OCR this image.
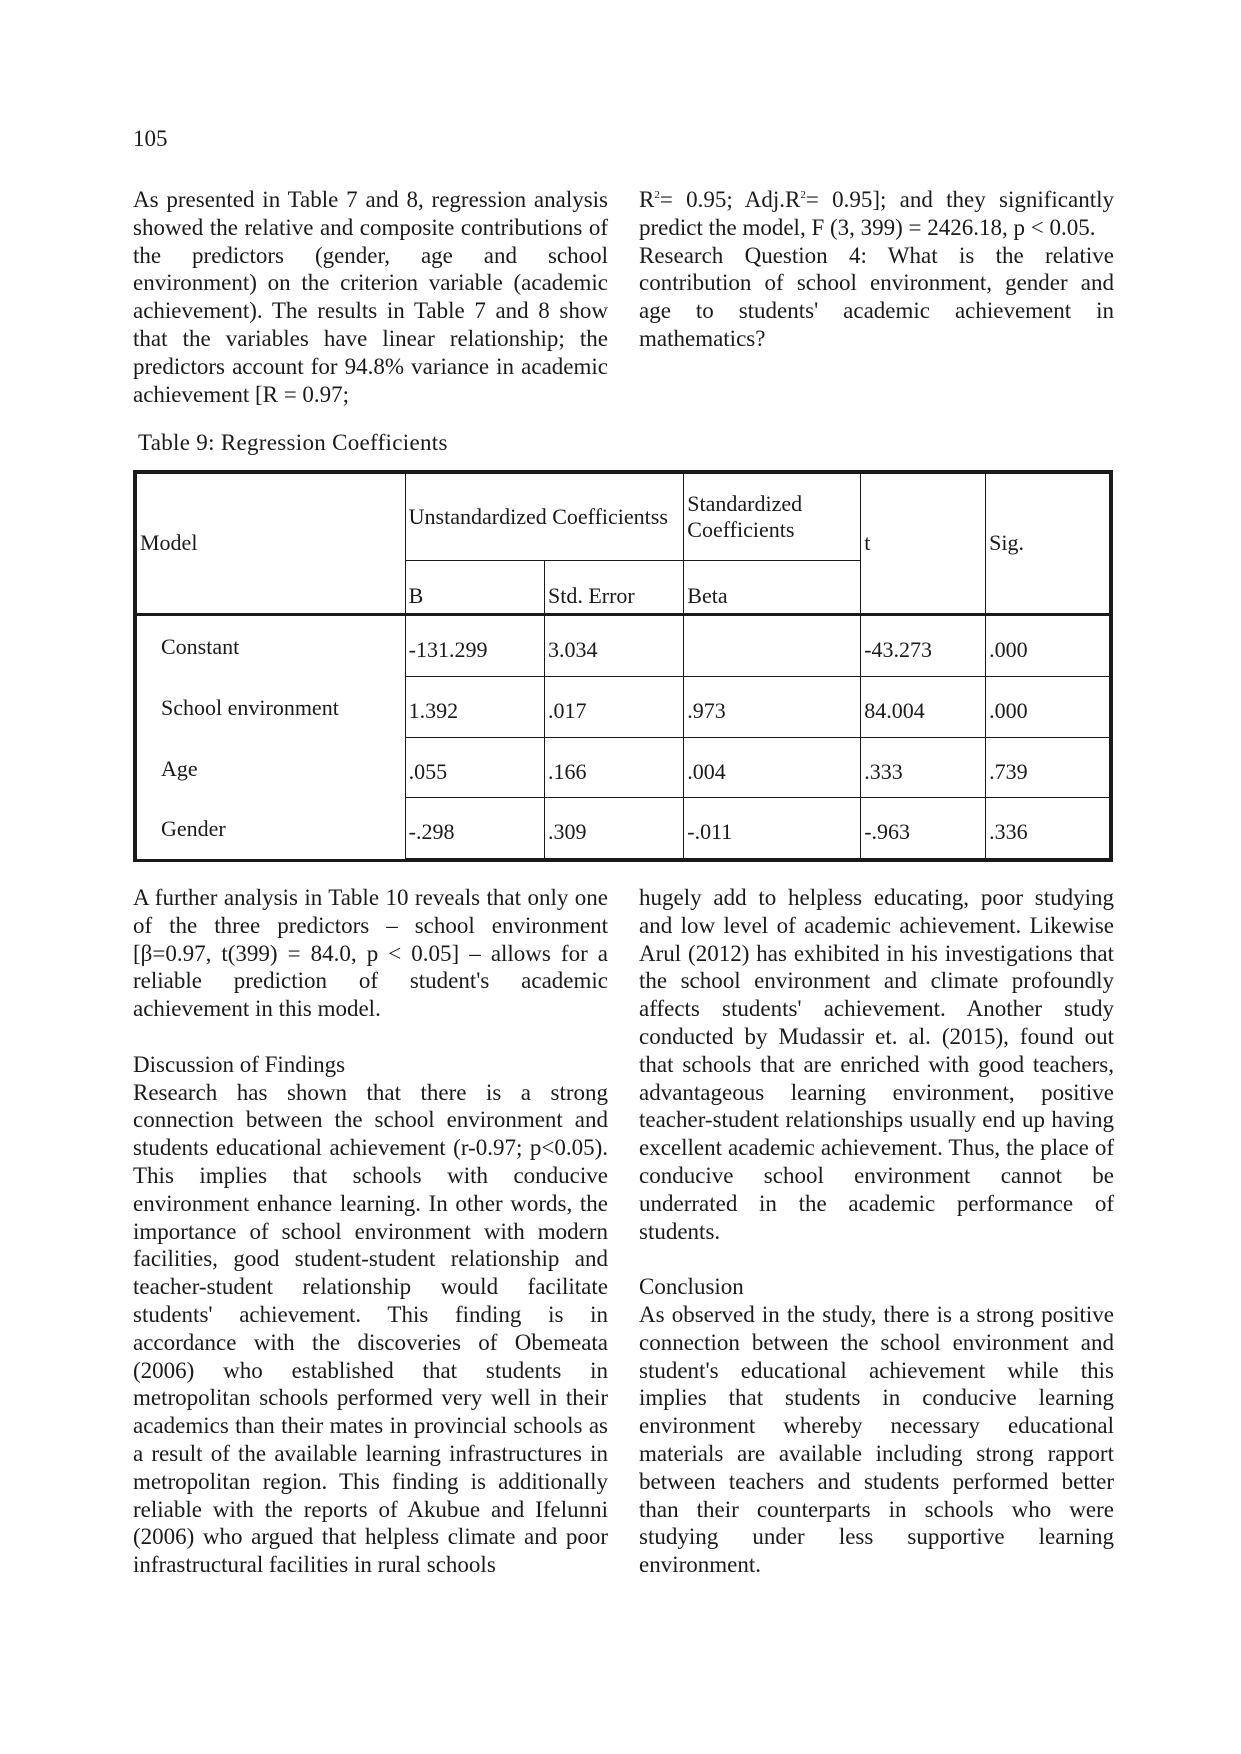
105

As presented in Table 7 and 8, regression analysis showed the relative and composite contributions of the predictors (gender, age and school environment) on the criterion variable (academic achievement). The results in Table 7 and 8 show that the variables have linear relationship; the predictors account for 94.8% variance in academic achievement [R = 0.97;

$R^2= 0.95$; $Adj.R^2= 0.95$]; and they significantly predict the model, F (3, 399) = 2426.18, p < 0.05.

Research Question 4: What is the relative contribution of school environment, gender and age to students' academic achievement in mathematics?

Table 9: Regression Coefficients
Model	Unstandardized Coefficientss		Standardized Coefficients	t	Sig.
	B	Std. Error	Beta		
Constant	-131.299	3.034		-43.273	.000
School environment	1.392	.017	.973	84.004	.000
Age	.055	.166	.004	.333	.739
Gender	-.298	.309	-.011	-.963	.336

A further analysis in Table 10 reveals that only one of the three predictors – school environment [β=0.97, t(399) = 84.0, p < 0.05] – allows for a reliable prediction of student's academic achievement in this model.

Discussion of Findings

Research has shown that there is a strong connection between the school environment and students educational achievement (r-0.97; p<0.05). This implies that schools with conducive environment enhance learning. In other words, the importance of school environment with modern facilities, good student-student relationship and teacher-student relationship would facilitate students' achievement. This finding is in accordance with the discoveries of Obemeata (2006) who established that students in metropolitan schools performed very well in their academics than their mates in provincial schools as a result of the available learning infrastructures in metropolitan region. This finding is additionally reliable with the reports of Akubue and Ifelunni (2006) who argued that helpless climate and poor infrastructural facilities in rural schools

hugely add to helpless educating, poor studying and low level of academic achievement. Likewise Arul (2012) has exhibited in his investigations that the school environment and climate profoundly affects students' achievement. Another study conducted by Mudassir et. al. (2015), found out that schools that are enriched with good teachers, advantageous learning environment, positive teacher-student relationships usually end up having excellent academic achievement. Thus, the place of conducive school environment cannot be underrated in the academic performance of students.

Conclusion

As observed in the study, there is a strong positive connection between the school environment and student's educational achievement while this implies that students in conducive learning environment whereby necessary educational materials are available including strong rapport between teachers and students performed better than their counterparts in schools who were studying under less supportive learning environment.
